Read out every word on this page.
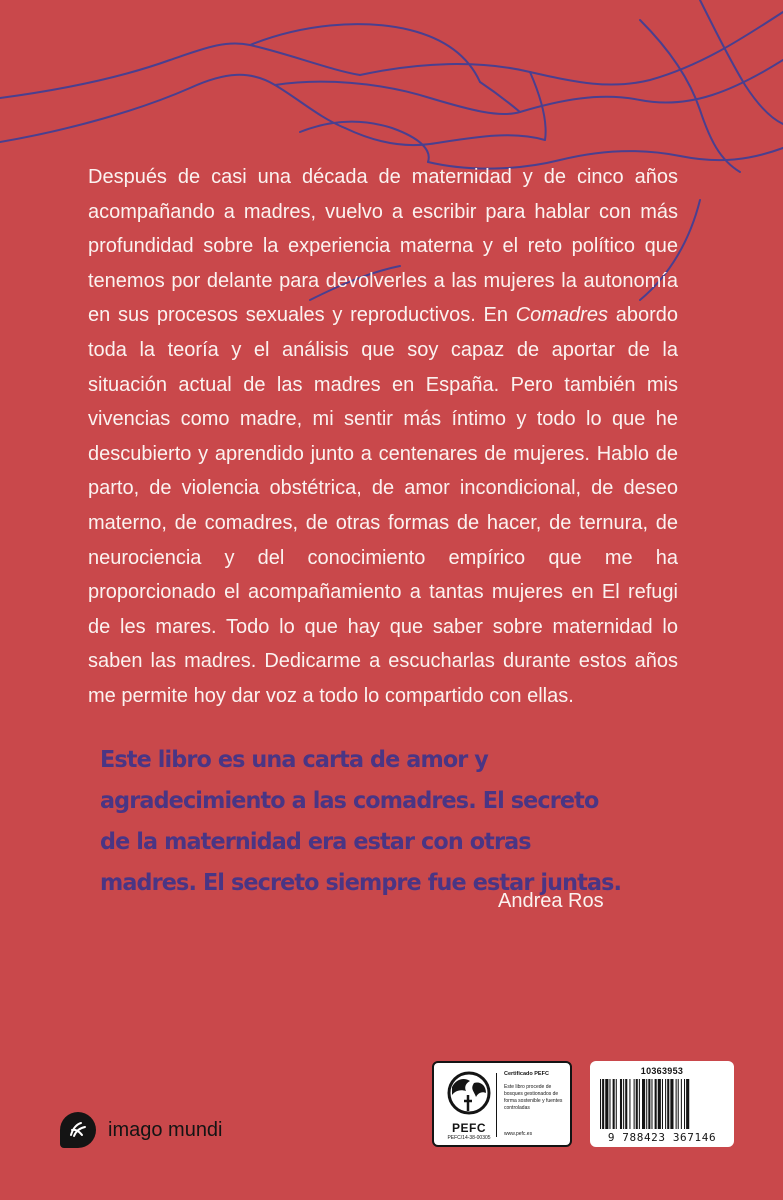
Después de casi una década de maternidad y de cinco años acompañando a madres, vuelvo a escribir para hablar con más profundidad sobre la experiencia materna y el reto político que tenemos por delante para devolverles a las mujeres la autonomía en sus procesos sexuales y reproductivos. En Comadres abordo toda la teoría y el análisis que soy capaz de aportar de la situación actual de las madres en España. Pero también mis vivencias como madre, mi sentir más íntimo y todo lo que he descubierto y aprendido junto a centenares de mujeres. Hablo de parto, de violencia obstétrica, de amor incondicional, de deseo materno, de comadres, de otras formas de hacer, de ternura, de neurociencia y del conocimiento empírico que me ha proporcionado el acompañamiento a tantas mujeres en El refugi de les mares. Todo lo que hay que saber sobre maternidad lo saben las madres. Dedicarme a escucharlas durante estos años me permite hoy dar voz a todo lo compartido con ellas.

Este libro es una carta de amor y agradecimiento a las comadres. El secreto de la maternidad era estar con otras madres. El secreto siempre fue estar juntas.

Andrea Ros
imago mundi	PEFC
PEFC/14-38-00305
Certificado PEFC
Este libro procede de bosques gestionados de forma sostenible y fuentes controladas
www.pefc.es
10363953
9 788423 367146
